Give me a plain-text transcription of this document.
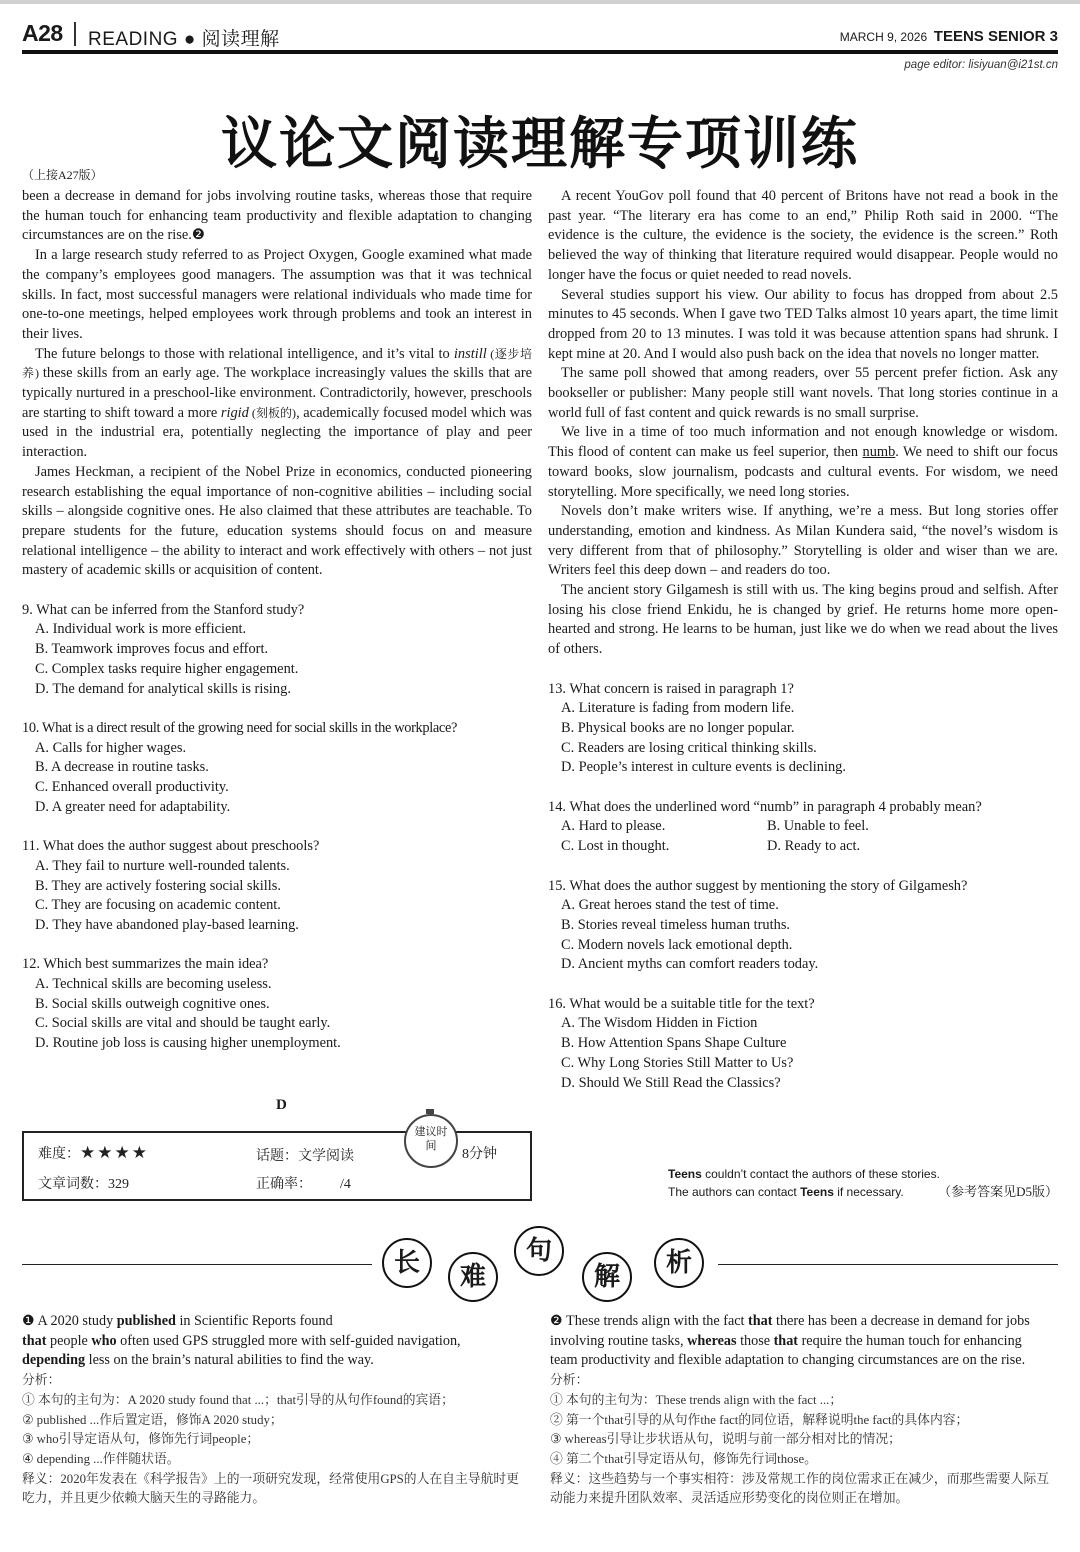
A28 READING ● 阅读理解	MARCH 9, 2026 TEENS SENIOR 3
page editor: lisiyuan@i21st.cn
议论文阅读理解专项训练
（上接A27版）

been a decrease in demand for jobs involving routine tasks, whereas those that require the human touch for enhancing team productivity and flexible adaptation to changing circumstances are on the rise.❷

In a large research study referred to as Project Oxygen, Google examined what made the company’s employees good managers. The assumption was that it was technical skills. In fact, most successful managers were relational individuals who made time for one-to-one meetings, helped employees work through problems and took an interest in their lives.

The future belongs to those with relational intelligence, and it’s vital to instill (逐步培养) these skills from an early age. The workplace increasingly values the skills that are typically nurtured in a preschool-like environment. Contradictorily, however, preschools are starting to shift toward a more rigid (刻板的), academically focused model which was used in the industrial era, potentially neglecting the importance of play and peer interaction.

James Heckman, a recipient of the Nobel Prize in economics, conducted pioneering research establishing the equal importance of non-cognitive abilities – including social skills – alongside cognitive ones. He also claimed that these attributes are teachable. To prepare students for the future, education systems should focus on and measure relational intelligence – the ability to interact and work effectively with others – not just mastery of academic skills or acquisition of content.

9. What can be inferred from the Stanford study?

A. Individual work is more efficient.

B. Teamwork improves focus and effort.

C. Complex tasks require higher engagement.

D. The demand for analytical skills is rising.

10. What is a direct result of the growing need for social skills in the workplace?

A. Calls for higher wages.

B. A decrease in routine tasks.

C. Enhanced overall productivity.

D. A greater need for adaptability.

11. What does the author suggest about preschools?

A. They fail to nurture well-rounded talents.

B. They are actively fostering social skills.

C. They are focusing on academic content.

D. They have abandoned play-based learning.

12. Which best summarizes the main idea?

A. Technical skills are becoming useless.

B. Social skills outweigh cognitive ones.

C. Social skills are vital and should be taught early.

D. Routine job loss is causing higher unemployment.

D
难度：★★★★	话题：文学阅读	8分钟
文章词数：329	正确率： /4
建议时间

A recent YouGov poll found that 40 percent of Britons have not read a book in the past year. “The literary era has come to an end,” Philip Roth said in 2000. “The evidence is the culture, the evidence is the society, the evidence is the screen.” Roth believed the way of thinking that literature required would disappear. People would no longer have the focus or quiet needed to read novels.

Several studies support his view. Our ability to focus has dropped from about 2.5 minutes to 45 seconds. When I gave two TED Talks almost 10 years apart, the time limit dropped from 20 to 13 minutes. I was told it was because attention spans had shrunk. I kept mine at 20. And I would also push back on the idea that novels no longer matter.

The same poll showed that among readers, over 55 percent prefer fiction. Ask any bookseller or publisher: Many people still want novels. That long stories continue in a world full of fast content and quick rewards is no small surprise.

We live in a time of too much information and not enough knowledge or wisdom. This flood of content can make us feel superior, then numb. We need to shift our focus toward books, slow journalism, podcasts and cultural events. For wisdom, we need storytelling. More specifically, we need long stories.

Novels don’t make writers wise. If anything, we’re a mess. But long stories offer understanding, emotion and kindness. As Milan Kundera said, “the novel’s wisdom is very different from that of philosophy.” Storytelling is older and wiser than we are. Writers feel this deep down – and readers do too.

The ancient story Gilgamesh is still with us. The king begins proud and selfish. After losing his close friend Enkidu, he is changed by grief. He returns home more open-hearted and strong. He learns to be human, just like we do when we read about the lives of others.

13. What concern is raised in paragraph 1?

A. Literature is fading from modern life.

B. Physical books are no longer popular.

C. Readers are losing critical thinking skills.

D. People’s interest in culture events is declining.

14. What does the underlined word “numb” in paragraph 4 probably mean?

A. Hard to please.	B. Unable to feel.
C. Lost in thought.	D. Ready to act.

15. What does the author suggest by mentioning the story of Gilgamesh?

A. Great heroes stand the test of time.

B. Stories reveal timeless human truths.

C. Modern novels lack emotional depth.

D. Ancient myths can comfort readers today.

16. What would be a suitable title for the text?

A. The Wisdom Hidden in Fiction

B. How Attention Spans Shape Culture

C. Why Long Stories Still Matter to Us?

D. Should We Still Read the Classics?

Teens couldn’t contact the authors of these stories.
The authors can contact Teens if necessary.	（参考答案见D5版）
长	难
句
解	析

❶ A 2020 study published in Scientific Reports found
that people who often used GPS struggled more with self-guided navigation, depending less on the brain’s natural abilities to find the way.

分析：

① 本句的主句为：A 2020 study found that ...；that引导的从句作found的宾语；

② published ...作后置定语，修饰A 2020 study；

③ who引导定语从句，修饰先行词people；

④ depending ...作伴随状语。

释义：2020年发表在《科学报告》上的一项研究发现，经常使用GPS的人在自主导航时更吃力，并且更少依赖大脑天生的寻路能力。

❷ These trends align with the fact that there has been a decrease in demand for jobs involving routine tasks, whereas those that require the human touch for enhancing team productivity and flexible adaptation to changing circumstances are on the rise.

分析：

① 本句的主句为：These trends align with the fact ...；

② 第一个that引导的从句作the fact的同位语，解释说明the fact的具体内容；

③ whereas引导让步状语从句，说明与前一部分相对比的情况；

④ 第二个that引导定语从句，修饰先行词those。

释义：这些趋势与一个事实相符：涉及常规工作的岗位需求正在减少，而那些需要人际互动能力来提升团队效率、灵活适应形势变化的岗位则正在增加。
